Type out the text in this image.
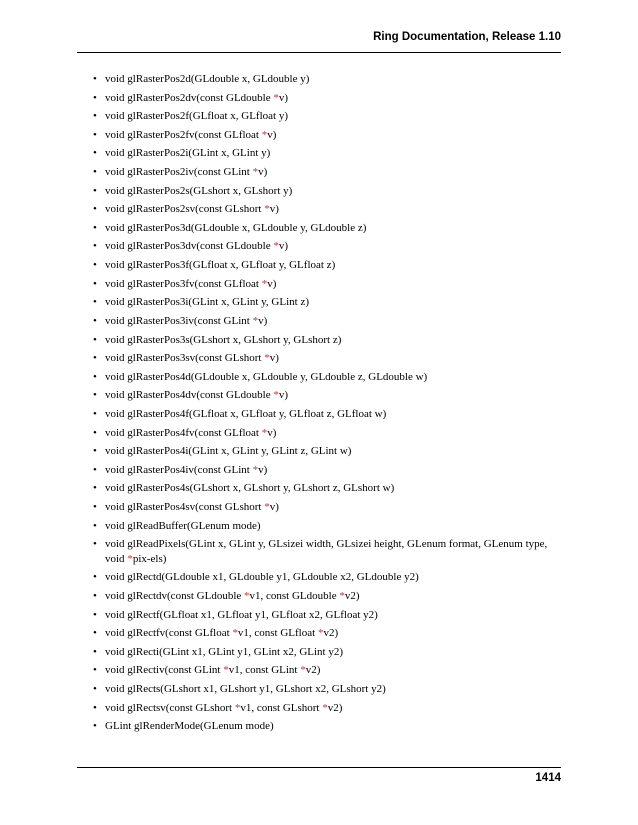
Ring Documentation, Release 1.10
• void glRasterPos2d(GLdouble x, GLdouble y)
• void glRasterPos2dv(const GLdouble *v)
• void glRasterPos2f(GLfloat x, GLfloat y)
• void glRasterPos2fv(const GLfloat *v)
• void glRasterPos2i(GLint x, GLint y)
• void glRasterPos2iv(const GLint *v)
• void glRasterPos2s(GLshort x, GLshort y)
• void glRasterPos2sv(const GLshort *v)
• void glRasterPos3d(GLdouble x, GLdouble y, GLdouble z)
• void glRasterPos3dv(const GLdouble *v)
• void glRasterPos3f(GLfloat x, GLfloat y, GLfloat z)
• void glRasterPos3fv(const GLfloat *v)
• void glRasterPos3i(GLint x, GLint y, GLint z)
• void glRasterPos3iv(const GLint *v)
• void glRasterPos3s(GLshort x, GLshort y, GLshort z)
• void glRasterPos3sv(const GLshort *v)
• void glRasterPos4d(GLdouble x, GLdouble y, GLdouble z, GLdouble w)
• void glRasterPos4dv(const GLdouble *v)
• void glRasterPos4f(GLfloat x, GLfloat y, GLfloat z, GLfloat w)
• void glRasterPos4fv(const GLfloat *v)
• void glRasterPos4i(GLint x, GLint y, GLint z, GLint w)
• void glRasterPos4iv(const GLint *v)
• void glRasterPos4s(GLshort x, GLshort y, GLshort z, GLshort w)
• void glRasterPos4sv(const GLshort *v)
• void glReadBuffer(GLenum mode)
• void glReadPixels(GLint x, GLint y, GLsizei width, GLsizei height, GLenum format, GLenum type, void *pix-els)
• void glRectd(GLdouble x1, GLdouble y1, GLdouble x2, GLdouble y2)
• void glRectdv(const GLdouble *v1, const GLdouble *v2)
• void glRectf(GLfloat x1, GLfloat y1, GLfloat x2, GLfloat y2)
• void glRectfv(const GLfloat *v1, const GLfloat *v2)
• void glRecti(GLint x1, GLint y1, GLint x2, GLint y2)
• void glRectiv(const GLint *v1, const GLint *v2)
• void glRects(GLshort x1, GLshort y1, GLshort x2, GLshort y2)
• void glRectsv(const GLshort *v1, const GLshort *v2)
• GLint glRenderMode(GLenum mode)
1414
